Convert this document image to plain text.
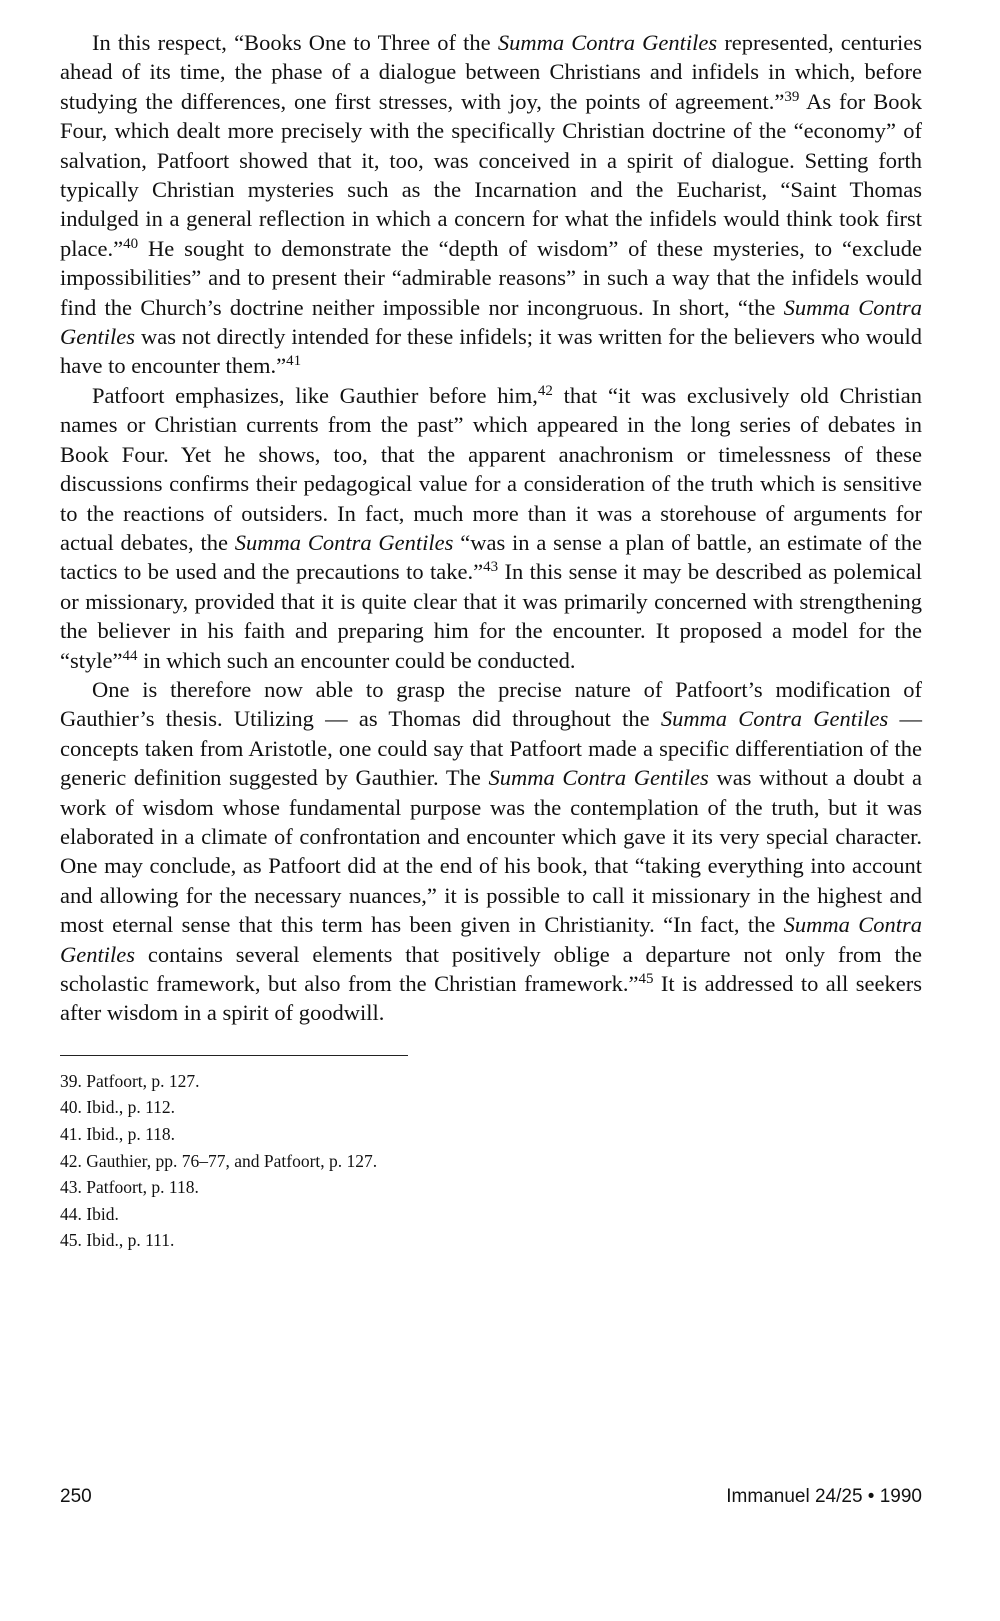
In this respect, “Books One to Three of the Summa Contra Gentiles represented, centuries ahead of its time, the phase of a dialogue between Christians and infidels in which, before studying the differences, one first stresses, with joy, the points of agreement.”$^{39}$ As for Book Four, which dealt more precisely with the specifically Christian doctrine of the “economy” of salvation, Patfoort showed that it, too, was conceived in a spirit of dialogue. Setting forth typically Christian mysteries such as the Incarnation and the Eucharist, “Saint Thomas indulged in a general reflection in which a concern for what the infidels would think took first place.”$^{40}$ He sought to demonstrate the “depth of wisdom” of these mysteries, to “exclude impossibilities” and to present their “admirable reasons” in such a way that the infidels would find the Church’s doctrine neither impossible nor incongruous. In short, “the Summa Contra Gentiles was not directly intended for these infidels; it was written for the believers who would have to encounter them.”$^{41}$

Patfoort emphasizes, like Gauthier before him,$^{42}$ that “it was exclusively old Christian names or Christian currents from the past” which appeared in the long series of debates in Book Four. Yet he shows, too, that the apparent anachronism or timelessness of these discussions confirms their pedagogical value for a consideration of the truth which is sensitive to the reactions of outsiders. In fact, much more than it was a storehouse of arguments for actual debates, the Summa Contra Gentiles “was in a sense a plan of battle, an estimate of the tactics to be used and the precautions to take.”$^{43}$ In this sense it may be described as polemical or missionary, provided that it is quite clear that it was primarily concerned with strengthening the believer in his faith and preparing him for the encounter. It proposed a model for the “style”$^{44}$ in which such an encounter could be conducted.

One is therefore now able to grasp the precise nature of Patfoort’s modification of Gauthier’s thesis. Utilizing — as Thomas did throughout the Summa Contra Gentiles — concepts taken from Aristotle, one could say that Patfoort made a specific differentiation of the generic definition suggested by Gauthier. The Summa Contra Gentiles was without a doubt a work of wisdom whose fundamental purpose was the contemplation of the truth, but it was elaborated in a climate of confrontation and encounter which gave it its very special character. One may conclude, as Patfoort did at the end of his book, that “taking everything into account and allowing for the necessary nuances,” it is possible to call it missionary in the highest and most eternal sense that this term has been given in Christianity. “In fact, the Summa Contra Gentiles contains several elements that positively oblige a departure not only from the scholastic framework, but also from the Christian framework.”$^{45}$ It is addressed to all seekers after wisdom in a spirit of goodwill.

39. Patfoort, p. 127.

40. Ibid., p. 112.

41. Ibid., p. 118.

42. Gauthier, pp. 76–77, and Patfoort, p. 127.

43. Patfoort, p. 118.

44. Ibid.

45. Ibid., p. 111.

250	Immanuel 24/25 • 1990
